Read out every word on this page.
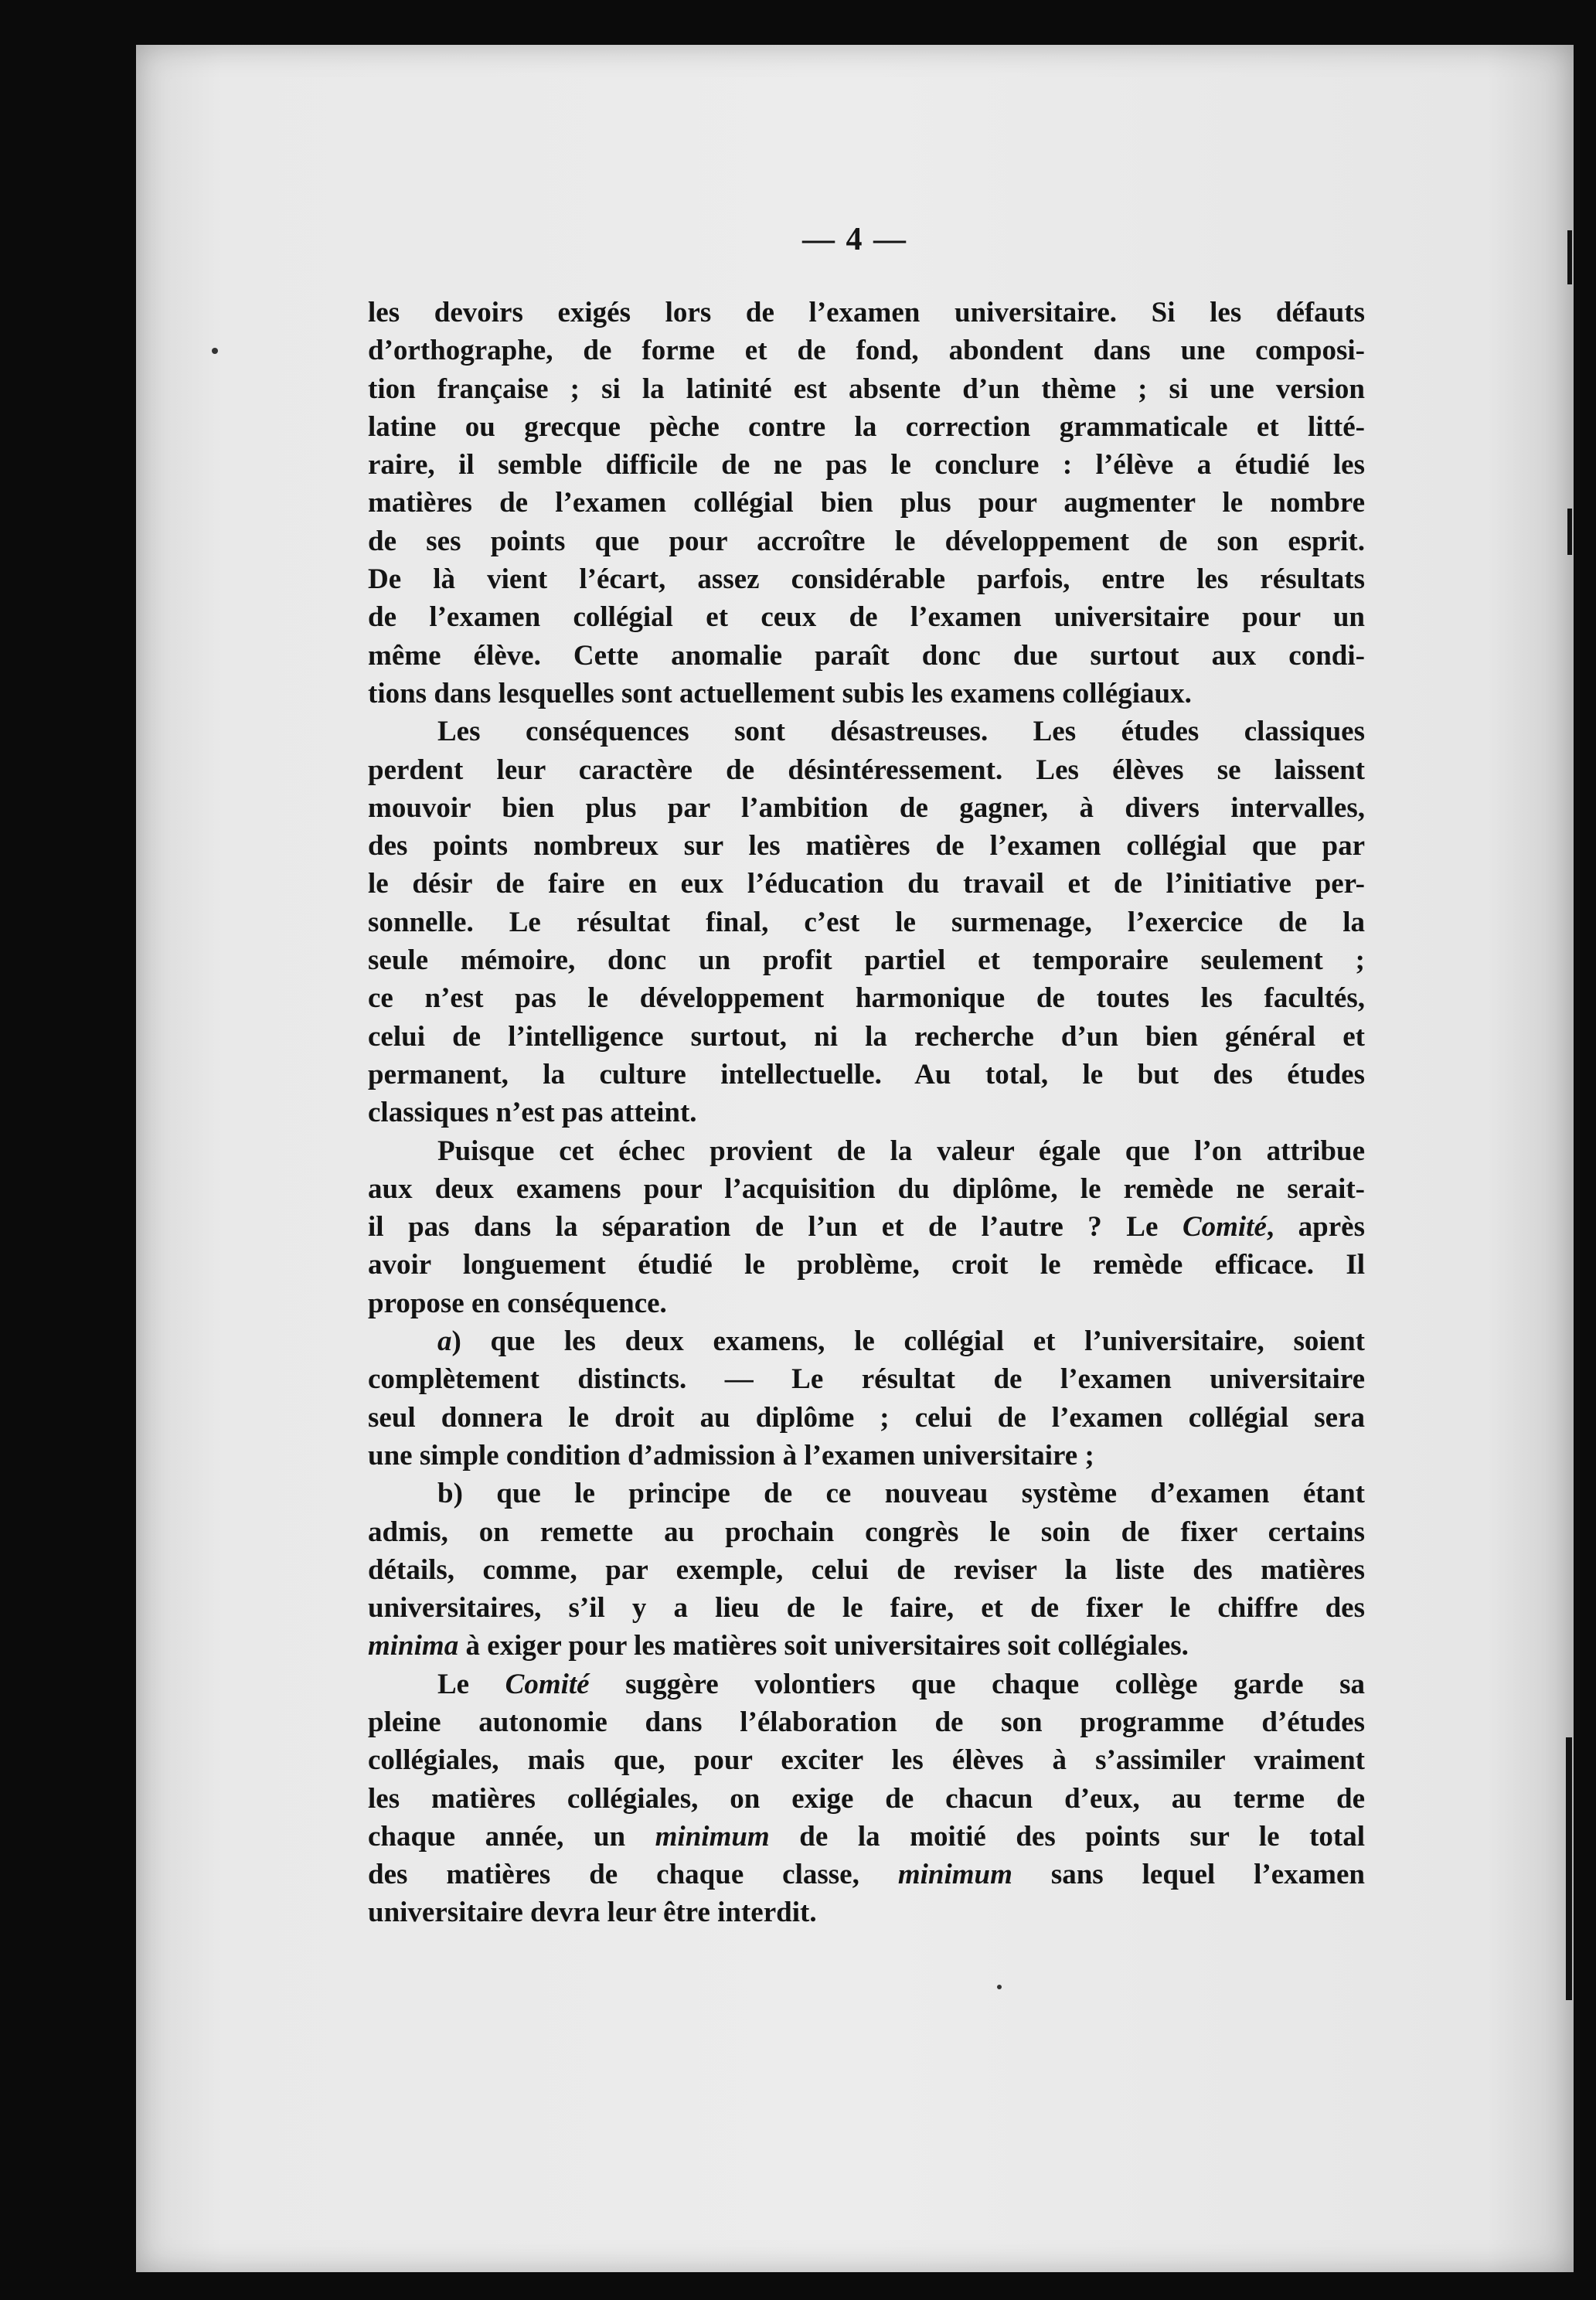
— 4 —
les devoirs exigés lors de l’examen universitaire. Si les défauts
d’orthographe, de forme et de fond, abondent dans une composi-
tion française ; si la latinité est absente d’un thème ; si une version
latine ou grecque pèche contre la correction grammaticale et litté-
raire, il semble difficile de ne pas le conclure : l’élève a étudié les
matières de l’examen collégial bien plus pour augmenter le nombre
de ses points que pour accroître le développement de son esprit.
De là vient l’écart, assez considérable parfois, entre les résultats
de l’examen collégial et ceux de l’examen universitaire pour un
même élève. Cette anomalie paraît donc due surtout aux condi-
tions dans lesquelles sont actuellement subis les examens collégiaux.
Les conséquences sont désastreuses. Les études classiques
perdent leur caractère de désintéressement. Les élèves se laissent
mouvoir bien plus par l’ambition de gagner, à divers intervalles,
des points nombreux sur les matières de l’examen collégial que par
le désir de faire en eux l’éducation du travail et de l’initiative per-
sonnelle. Le résultat final, c’est le surmenage, l’exercice de la
seule mémoire, donc un profit partiel et temporaire seulement ;
ce n’est pas le développement harmonique de toutes les facultés,
celui de l’intelligence surtout, ni la recherche d’un bien général et
permanent, la culture intellectuelle. Au total, le but des études
classiques n’est pas atteint.
Puisque cet échec provient de la valeur égale que l’on attribue
aux deux examens pour l’acquisition du diplôme, le remède ne serait-
il pas dans la séparation de l’un et de l’autre ? Le Comité, après
avoir longuement étudié le problème, croit le remède efficace. Il
propose en conséquence.
a) que les deux examens, le collégial et l’universitaire, soient
complètement distincts. — Le résultat de l’examen universitaire
seul donnera le droit au diplôme ; celui de l’examen collégial sera
une simple condition d’admission à l’examen universitaire ;
b) que le principe de ce nouveau système d’examen étant
admis, on remette au prochain congrès le soin de fixer certains
détails, comme, par exemple, celui de reviser la liste des matières
universitaires, s’il y a lieu de le faire, et de fixer le chiffre des
minima à exiger pour les matières soit universitaires soit collégiales.
Le Comité suggère volontiers que chaque collège garde sa
pleine autonomie dans l’élaboration de son programme d’études
collégiales, mais que, pour exciter les élèves à s’assimiler vraiment
les matières collégiales, on exige de chacun d’eux, au terme de
chaque année, un minimum de la moitié des points sur le total
des matières de chaque classe, minimum sans lequel l’examen
universitaire devra leur être interdit.
